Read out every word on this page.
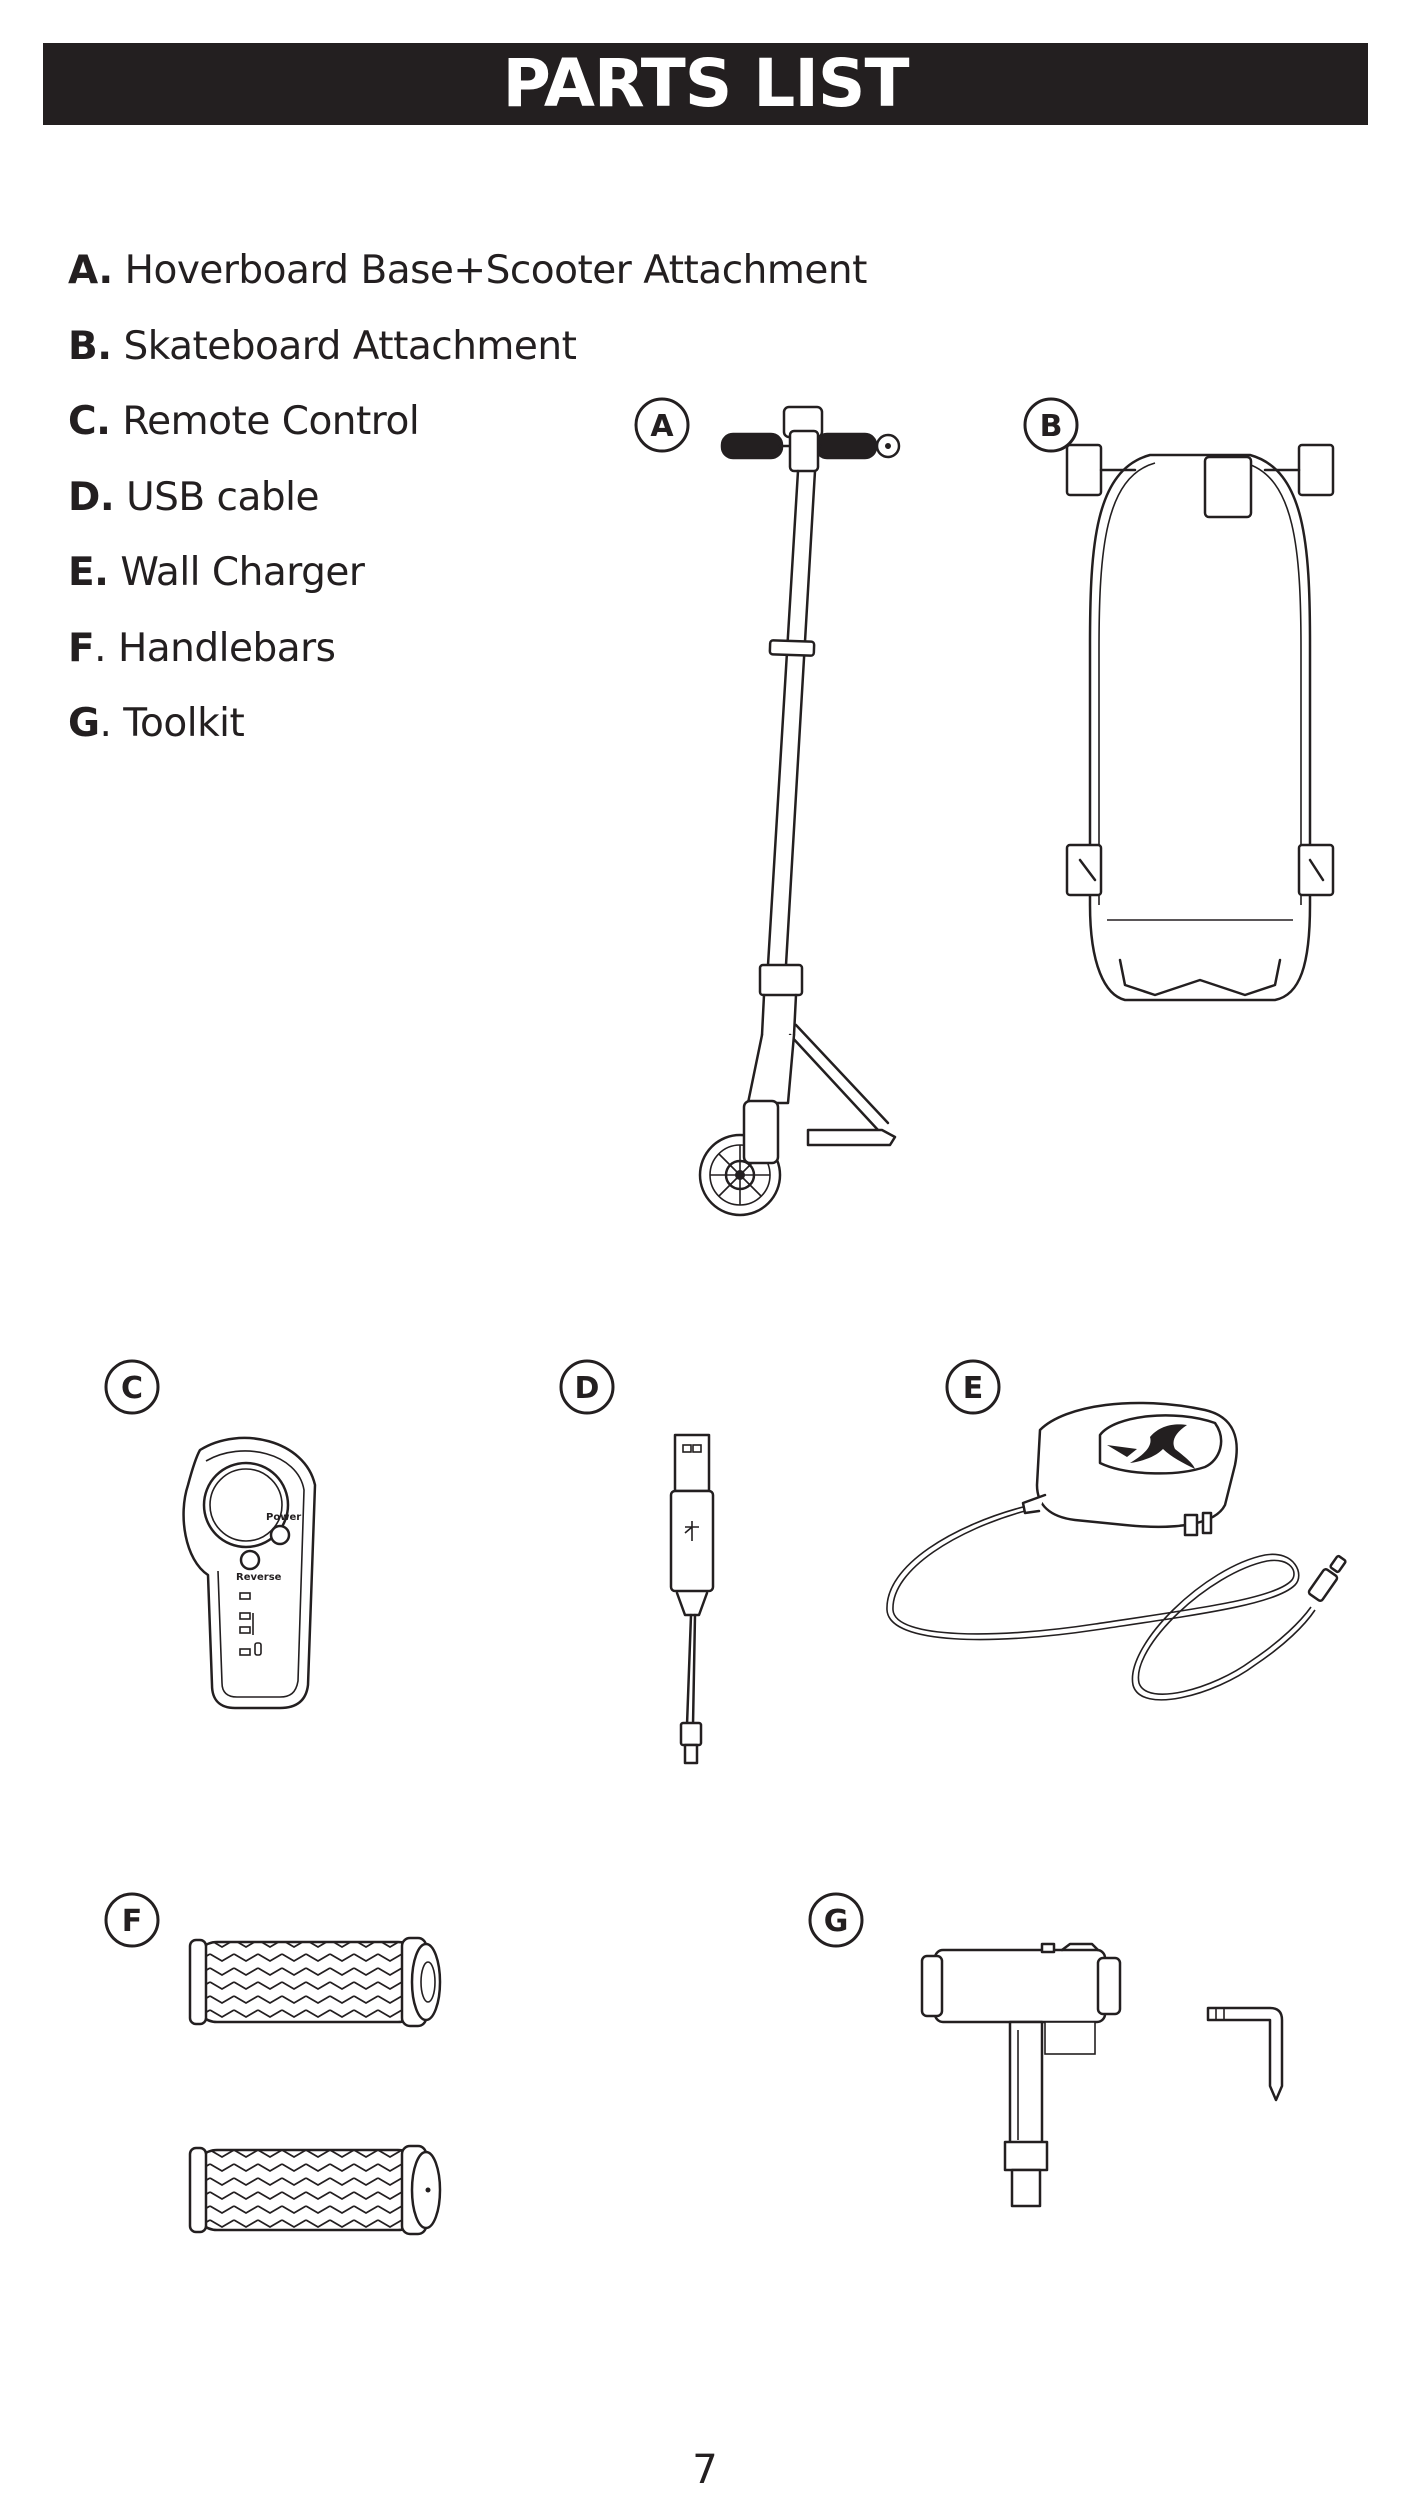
PARTS LIST
A. Hoverboard Base+Scooter Attachment
B. Skateboard Attachment
C. Remote Control
D. USB cable
E. Wall Charger
F. Handlebars
G. Toolkit
A	B
C
Power
Reverse
D	E
F	G
7
